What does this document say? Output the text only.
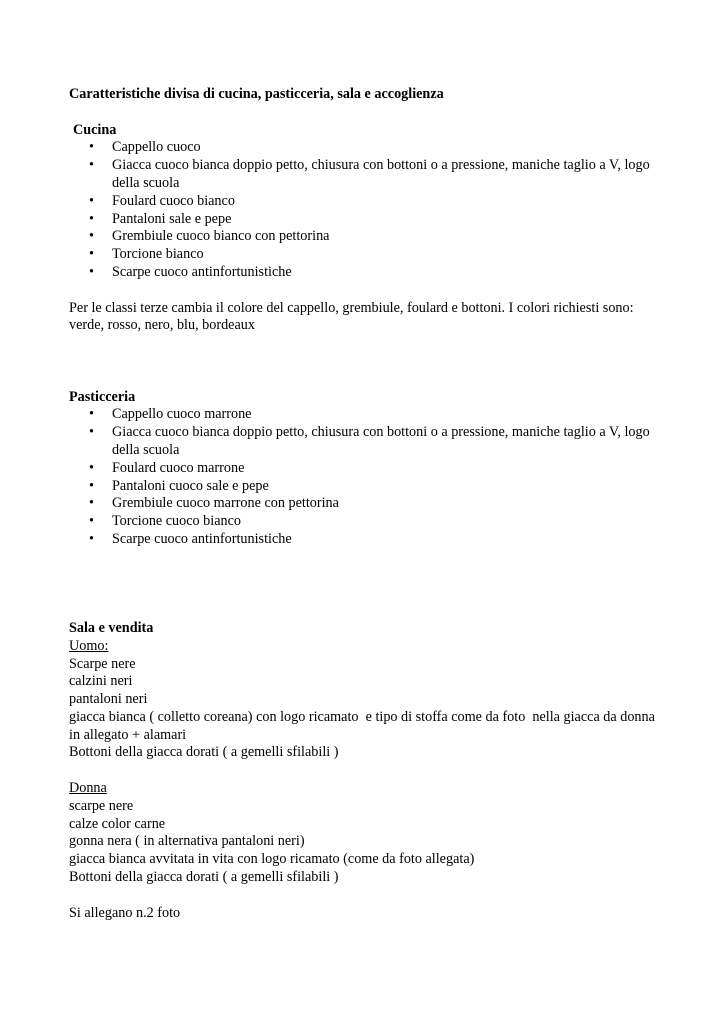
Caratteristiche divisa di cucina, pasticceria, sala e accoglienza

Cucina

• Cappello cuoco
• Giacca cuoco bianca doppio petto, chiusura con bottoni o a pressione, maniche taglio a V, logo della scuola
• Foulard cuoco bianco
• Pantaloni sale e pepe
• Grembiule cuoco bianco con pettorina
• Torcione bianco
• Scarpe cuoco antinfortunistiche

Per le classi terze cambia il colore del cappello, grembiule, foulard e bottoni. I colori richiesti sono: verde, rosso, nero, blu, bordeaux

Pasticceria

• Cappello cuoco marrone
• Giacca cuoco bianca doppio petto, chiusura con bottoni o a pressione, maniche taglio a V, logo della scuola
• Foulard cuoco marrone
• Pantaloni cuoco sale e pepe
• Grembiule cuoco marrone con pettorina
• Torcione cuoco bianco
• Scarpe cuoco antinfortunistiche

Sala e vendita

Uomo:

Scarpe nere

calzini neri

pantaloni neri

giacca bianca ( colletto coreana) con logo ricamato  e tipo di stoffa come da foto  nella giacca da donna in allegato + alamari

Bottoni della giacca dorati ( a gemelli sfilabili )

Donna

scarpe nere

calze color carne

gonna nera ( in alternativa pantaloni neri)

giacca bianca avvitata in vita con logo ricamato (come da foto allegata)

Bottoni della giacca dorati ( a gemelli sfilabili )

Si allegano n.2 foto
